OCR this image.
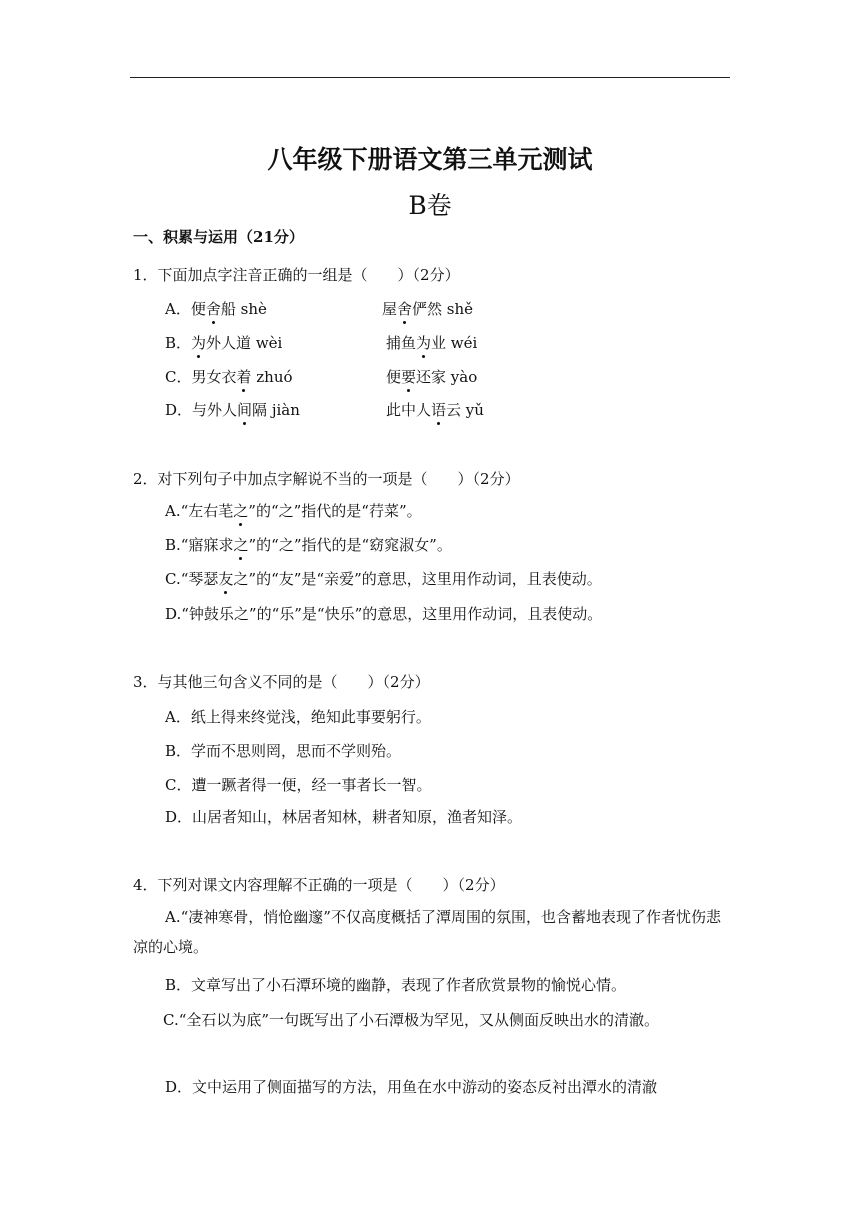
八年级下册语文第三单元测试
B卷
一、积累与运用（21分）
1．下面加点字注音正确的一组是（　　）（2分）
A．便舍船 shè	屋舍俨然 shě
B．为外人道 wèi	捕鱼为业 wéi
C．男女衣着 zhuó	便要还家 yào
D．与外人间隔 jiàn	此中人语云 yǔ
2．对下列句子中加点字解说不当的一项是（　　）（2分）
A.“左右芼之”的“之”指代的是“荇菜”。
B.“寤寐求之”的“之”指代的是“窈窕淑女”。
C.“琴瑟友之”的“友”是“亲爱”的意思，这里用作动词，且表使动。
D.“钟鼓乐之”的“乐”是“快乐”的意思，这里用作动词，且表使动。
3．与其他三句含义不同的是（　　）（2分）
A．纸上得来终觉浅，绝知此事要躬行。
B．学而不思则罔，思而不学则殆。
C．遭一蹶者得一便，经一事者长一智。
D．山居者知山，林居者知林，耕者知原，渔者知泽。
4．下列对课文内容理解不正确的一项是（　　）（2分）
A.“凄神寒骨，悄怆幽邃”不仅高度概括了潭周围的氛围，也含蓄地表现了作者忧伤悲凉的心境。
B．文章写出了小石潭环境的幽静，表现了作者欣赏景物的愉悦心情。
C.“全石以为底”一句既写出了小石潭极为罕见，又从侧面反映出水的清澈。
D．文中运用了侧面描写的方法，用鱼在水中游动的姿态反衬出潭水的清澈
